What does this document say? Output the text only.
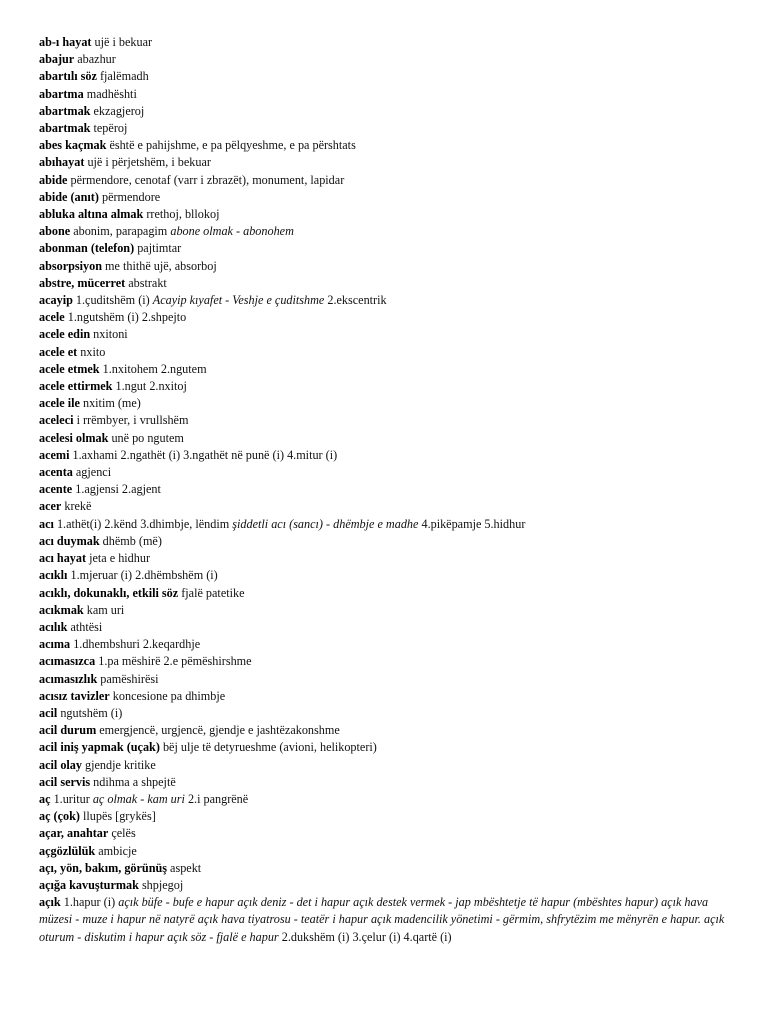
ab-ı hayat ujë i bekuar
abajur abazhur
abartılı söz fjalëmadh
abartma madhështi
abartmak ekzagjeroj
abartmak tepëroj
abes kaçmak është e pahijshme, e pa pëlqyeshme, e pa përshtats
abıhayat ujë i përjetshëm, i bekuar
abide përmendore, cenotaf (varr i zbrazët), monument, lapidar
abide (anıt) përmendore
abluka altına almak rrethoj, bllokoj
abone abonim, parapagim abone olmak - abonohem
abonman (telefon) pajtimtar
absorpsiyon me thithë ujë, absorboj
abstre, mücerret abstrakt
acayip 1.çuditshëm (i) Acayip kıyafet - Veshje e çuditshme 2.ekscentrik
acele 1.ngutshëm (i) 2.shpejto
acele edin nxitoni
acele et nxito
acele etmek 1.nxitohem 2.ngutem
acele ettirmek 1.ngut 2.nxitoj
acele ile nxitim (me)
aceleci i rrëmbyer, i vrullshëm
acelesi olmak unë po ngutem
acemi 1.axhami 2.ngathët (i) 3.ngathët në punë (i) 4.mitur (i)
acenta agjenci
acente 1.agjensi 2.agjent
acer krekë
acı 1.athët(i) 2.kënd 3.dhimbje, lëndim şiddetli acı (sancı) - dhëmbje e madhe 4.pikëpamje 5.hidhur
acı duymak dhëmb (më)
acı hayat jeta e hidhur
acıklı 1.mjeruar (i) 2.dhëmbshëm (i)
acıklı, dokunaklı, etkili söz fjalë patetike
acıkmak kam uri
acılık athtësi
acıma 1.dhembshuri 2.keqardhje
acımasızca 1.pa mëshirë 2.e pëmëshirshme
acımasızlık pamëshirësi
acısız tavizler koncesione pa dhimbje
acil ngutshëm (i)
acil durum emergjencë, urgjencë, gjendje e jashtëzakonshme
acil iniş yapmak (uçak) bëj ulje të detyrueshme (avioni, helikopteri)
acil olay gjendje kritike
acil servis ndihma a shpejtë
aç 1.uritur aç olmak - kam uri 2.i pangrënë
aç (çok) llupës [grykës]
açar, anahtar çelës
açgözlülük ambicje
açı, yön, bakım, görünüş aspekt
açığa kavuşturmak shpjegoj
açık 1.hapur (i) açık büfe - bufe e hapur açık deniz - det i hapur açık destek vermek - jap mbështetje të hapur (mbështes hapur) açık hava müzesi - muze i hapur në natyrë açık hava tiyatrosu - teatër i hapur açık madencilik yönetimi - gërmim, shfrytëzim me mënyrën e hapur. açık oturum - diskutim i hapur açık söz - fjalë e hapur 2.dukshëm (i) 3.çelur (i) 4.qartë (i)
